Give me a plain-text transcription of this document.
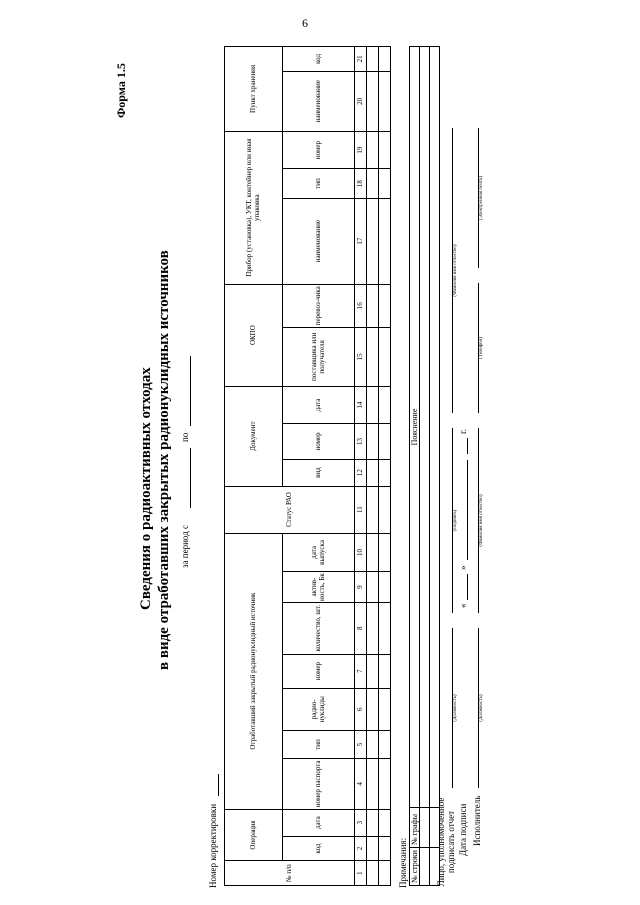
6
Форма 1.5
Сведения о радиоактивных отходах в виде отработавших закрытых радионуклидных источников за период с
по
Номер корректировки	№ п/п	Операция		Отработавший закрытый радионуклидный источник							Статус РАО	Документ			ОКПО		Прибор (установка), УКТ, контейнер или иная упаковка			Пункт хранения	
	код	дата	номер паспорта	тип	радио-нуклиды	номер	количество, шт.	актив-ность, Бк	дата выпуска		вид	номер	дата	поставщика или получателя	перевоз-чика	наименование	тип	номер	наименование	код
1	2	3	4	5	6	7	8	9	10	11	12	13	14	15	16	17	18	19	20	21

Примечания: № строки	№ графы	Пояснение

Лицо, уполномоченное подписать отчет
(Должность)
(Подпись)
(Фамилия имя отчество)
Дата подписи
«
»
г.
Исполнитель
(Должность)
(Фамилия имя отчество)
(Телефон)
(Электронная почта)
